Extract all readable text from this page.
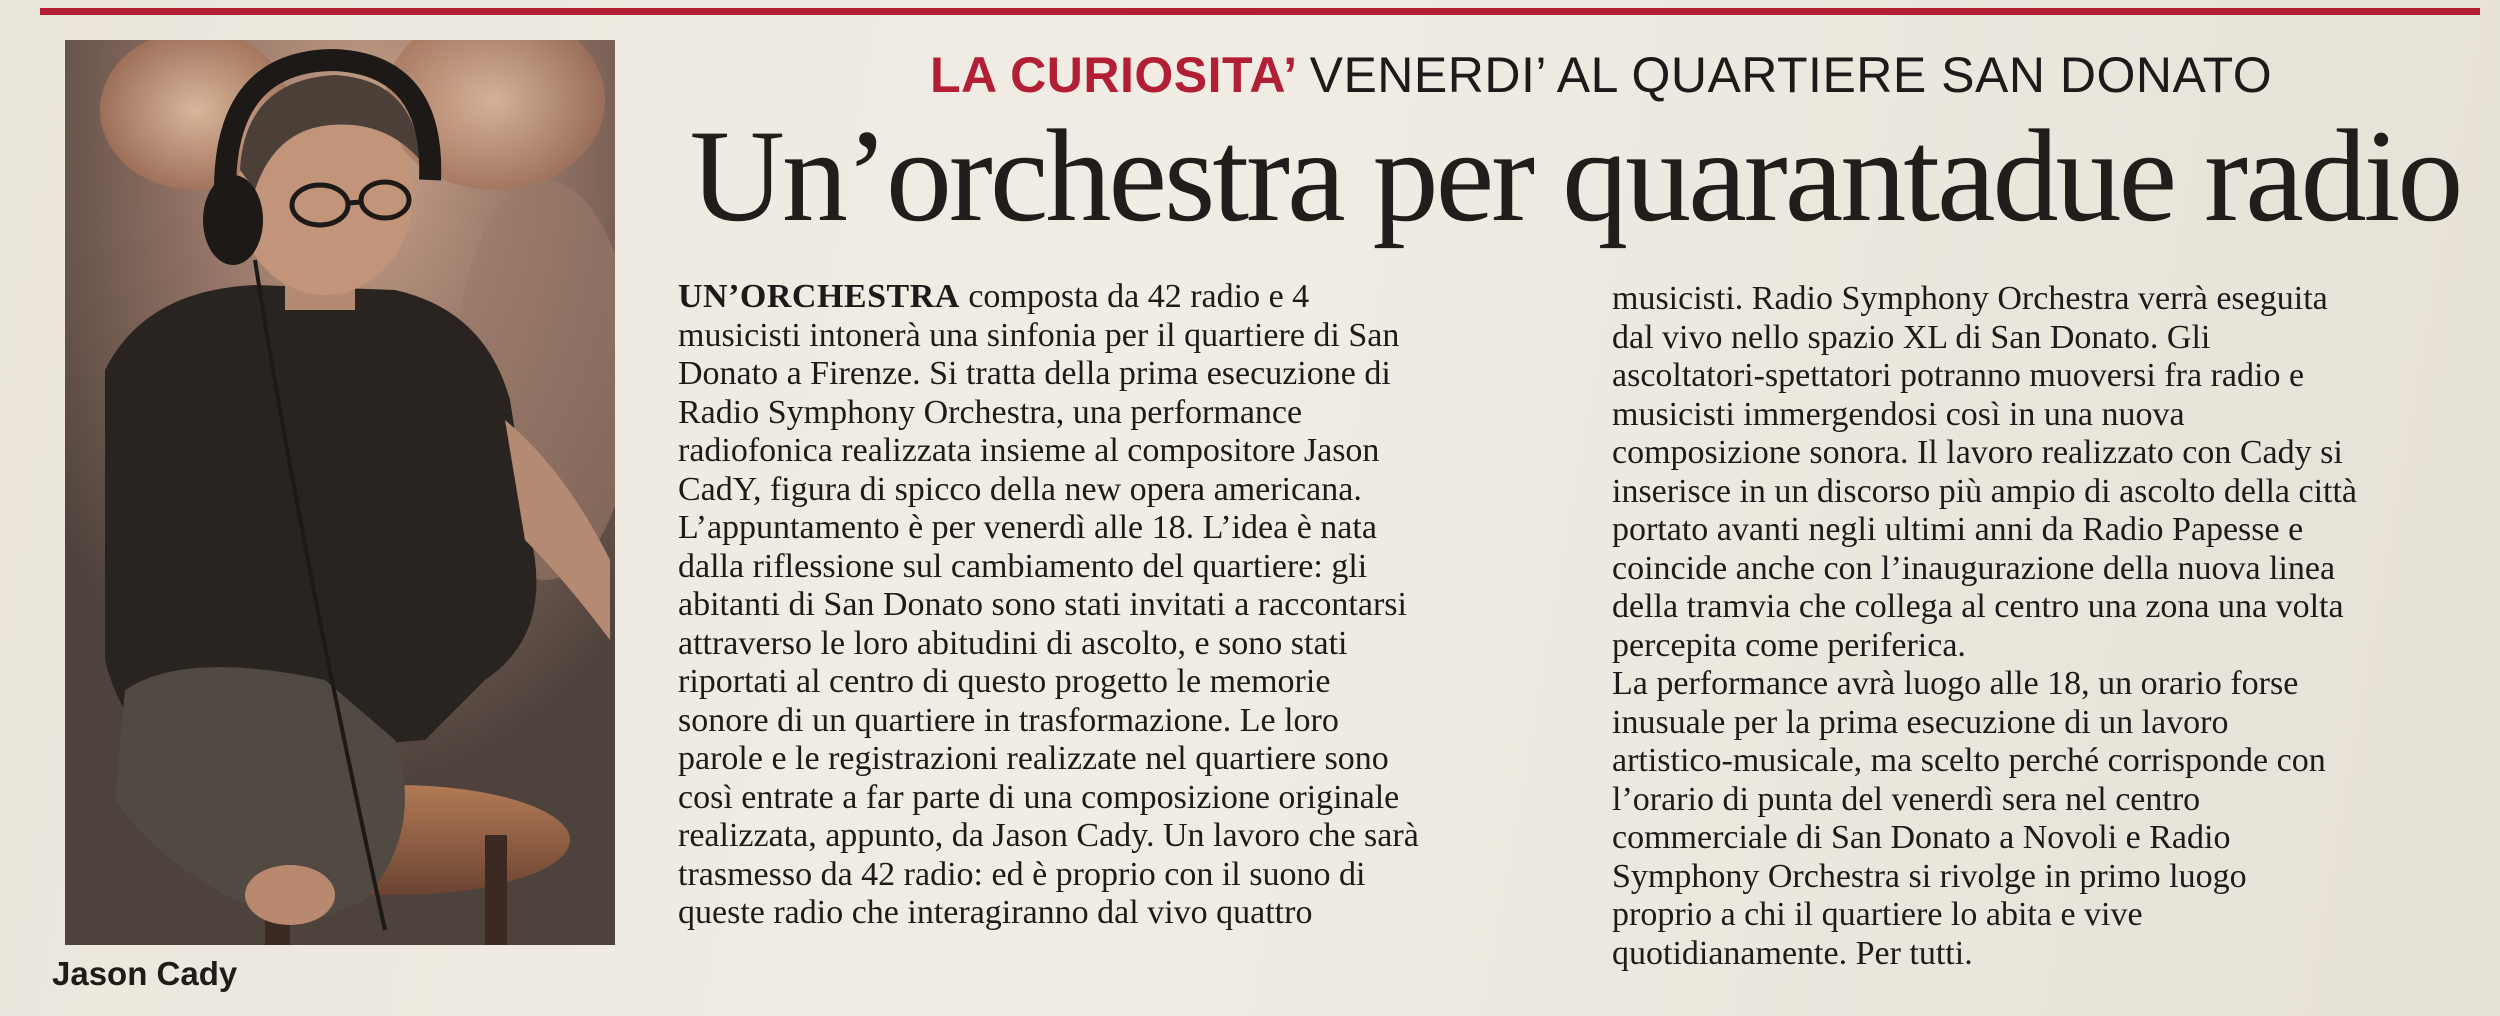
Jason Cady
LA CURIOSITA’ VENERDI’ AL QUARTIERE SAN DONATO
Un’orchestra per quarantadue radio
UN’ORCHESTRA composta da 42 radio e 4
musicisti intonerà una sinfonia per il quartiere di San
Donato a Firenze. Si tratta della prima esecuzione di
Radio Symphony Orchestra, una performance
radiofonica realizzata insieme al compositore Jason
CadY, figura di spicco della new opera americana.
L’appuntamento è per venerdì alle 18. L’idea è nata
dalla riflessione sul cambiamento del quartiere: gli
abitanti di San Donato sono stati invitati a raccontarsi
attraverso le loro abitudini di ascolto, e sono stati
riportati al centro di questo progetto le memorie
sonore di un quartiere in trasformazione. Le loro
parole e le registrazioni realizzate nel quartiere sono
così entrate a far parte di una composizione originale
realizzata, appunto, da Jason Cady. Un lavoro che sarà
trasmesso da 42 radio: ed è proprio con il suono di
queste radio che interagiranno dal vivo quattro
musicisti. Radio Symphony Orchestra verrà eseguita
dal vivo nello spazio XL di San Donato. Gli
ascoltatori-spettatori potranno muoversi fra radio e
musicisti immergendosi così in una nuova
composizione sonora. Il lavoro realizzato con Cady si
inserisce in un discorso più ampio di ascolto della città
portato avanti negli ultimi anni da Radio Papesse e
coincide anche con l’inaugurazione della nuova linea
della tramvia che collega al centro una zona una volta
percepita come periferica.
La performance avrà luogo alle 18, un orario forse
inusuale per la prima esecuzione di un lavoro
artistico-musicale, ma scelto perché corrisponde con
l’orario di punta del venerdì sera nel centro
commerciale di San Donato a Novoli e Radio
Symphony Orchestra si rivolge in primo luogo
proprio a chi il quartiere lo abita e vive
quotidianamente. Per tutti.
